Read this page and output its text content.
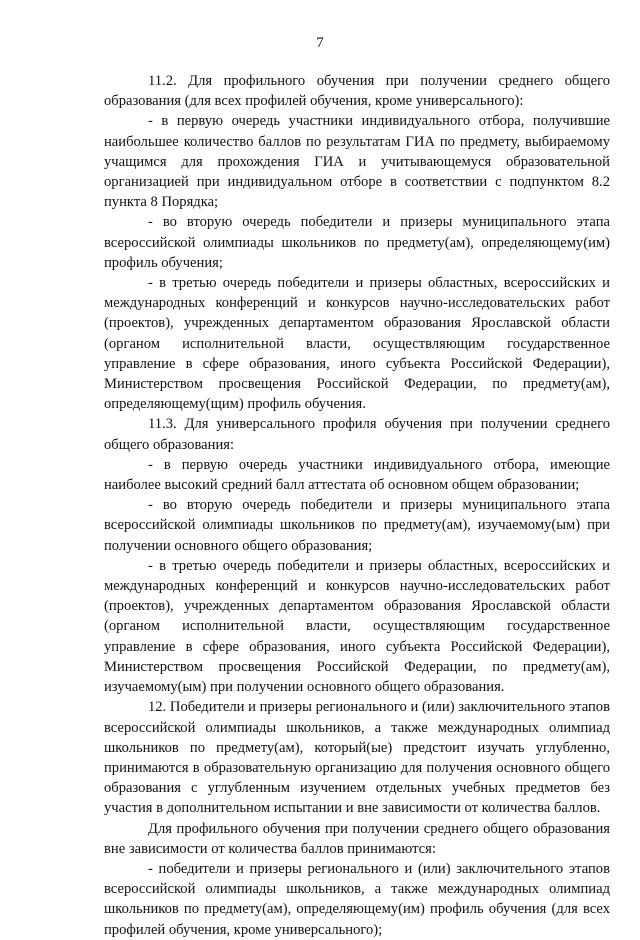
7

11.2. Для профильного обучения при получении среднего общего образования (для всех профилей обучения, кроме универсального):

- в первую очередь участники индивидуального отбора, получившие наибольшее количество баллов по результатам ГИА по предмету, выбираемому учащимся для прохождения ГИА и учитывающемуся образовательной организацией при индивидуальном отборе в соответствии с подпунктом 8.2 пункта 8 Порядка;

- во вторую очередь победители и призеры муниципального этапа всероссийской олимпиады школьников по предмету(ам), определяющему(им) профиль обучения;

- в третью очередь победители и призеры областных, всероссийских и международных конференций и конкурсов научно-исследовательских работ (проектов), учрежденных департаментом образования Ярославской области (органом исполнительной власти, осуществляющим государственное управление в сфере образования, иного субъекта Российской Федерации), Министерством просвещения Российской Федерации, по предмету(ам), определяющему(щим) профиль обучения.

11.3. Для универсального профиля обучения при получении среднего общего образования:

- в первую очередь участники индивидуального отбора, имеющие наиболее высокий средний балл аттестата об основном общем образовании;

- во вторую очередь победители и призеры муниципального этапа всероссийской олимпиады школьников по предмету(ам), изучаемому(ым) при получении основного общего образования;

- в третью очередь победители и призеры областных, всероссийских и международных конференций и конкурсов научно-исследовательских работ (проектов), учрежденных департаментом образования Ярославской области (органом исполнительной власти, осуществляющим государственное управление в сфере образования, иного субъекта Российской Федерации), Министерством просвещения Российской Федерации, по предмету(ам), изучаемому(ым) при получении основного общего образования.

12. Победители и призеры регионального и (или) заключительного этапов всероссийской олимпиады школьников, а также международных олимпиад школьников по предмету(ам), который(ые) предстоит изучать углубленно, принимаются в образовательную организацию для получения основного общего образования с углубленным изучением отдельных учебных предметов без участия в дополнительном испытании и вне зависимости от количества баллов.

Для профильного обучения при получении среднего общего образования вне зависимости от количества баллов принимаются:

- победители и призеры регионального и (или) заключительного этапов всероссийской олимпиады школьников, а также международных олимпиад школьников по предмету(ам), определяющему(им) профиль обучения (для всех профилей обучения, кроме универсального);
